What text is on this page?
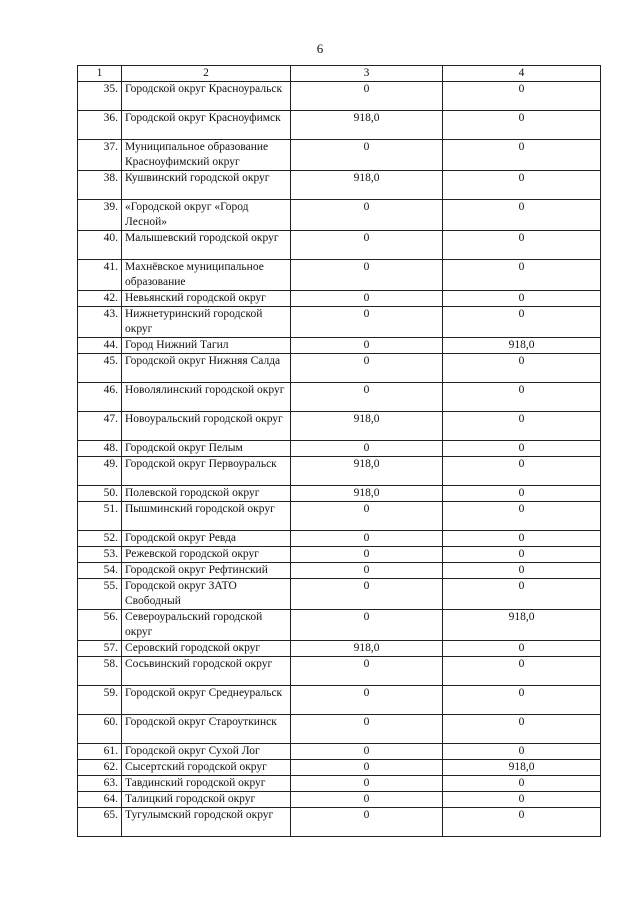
6
1	2	3	4
35.	Городской округ Красноуральск	0	0
36.	Городской округ Красноуфимск	918,0	0
37.	Муниципальное образование Красноуфимский округ	0	0
38.	Кушвинский городской округ	918,0	0
39.	«Городской округ «Город Лесной»	0	0
40.	Малышевский городской округ	0	0
41.	Махнёвское муниципальное образование	0	0
42.	Невьянский городской округ	0	0
43.	Нижнетуринский городской округ	0	0
44.	Город Нижний Тагил	0	918,0
45.	Городской округ Нижняя Салда	0	0
46.	Новолялинский городской округ	0	0
47.	Новоуральский городской округ	918,0	0
48.	Городской округ Пелым	0	0
49.	Городской округ Первоуральск	918,0	0
50.	Полевской городской округ	918,0	0
51.	Пышминский городской округ	0	0
52.	Городской округ Ревда	0	0
53.	Режевской городской округ	0	0
54.	Городской округ Рефтинский	0	0
55.	Городской округ ЗАТО Свободный	0	0
56.	Североуральский городской округ	0	918,0
57.	Серовский городской округ	918,0	0
58.	Сосьвинский городской округ	0	0
59.	Городской округ Среднеуральск	0	0
60.	Городской округ Староуткинск	0	0
61.	Городской округ Сухой Лог	0	0
62.	Сысертский городской округ	0	918,0
63.	Тавдинский городской округ	0	0
64.	Талицкий городской округ	0	0
65.	Тугулымский городской округ	0	0
